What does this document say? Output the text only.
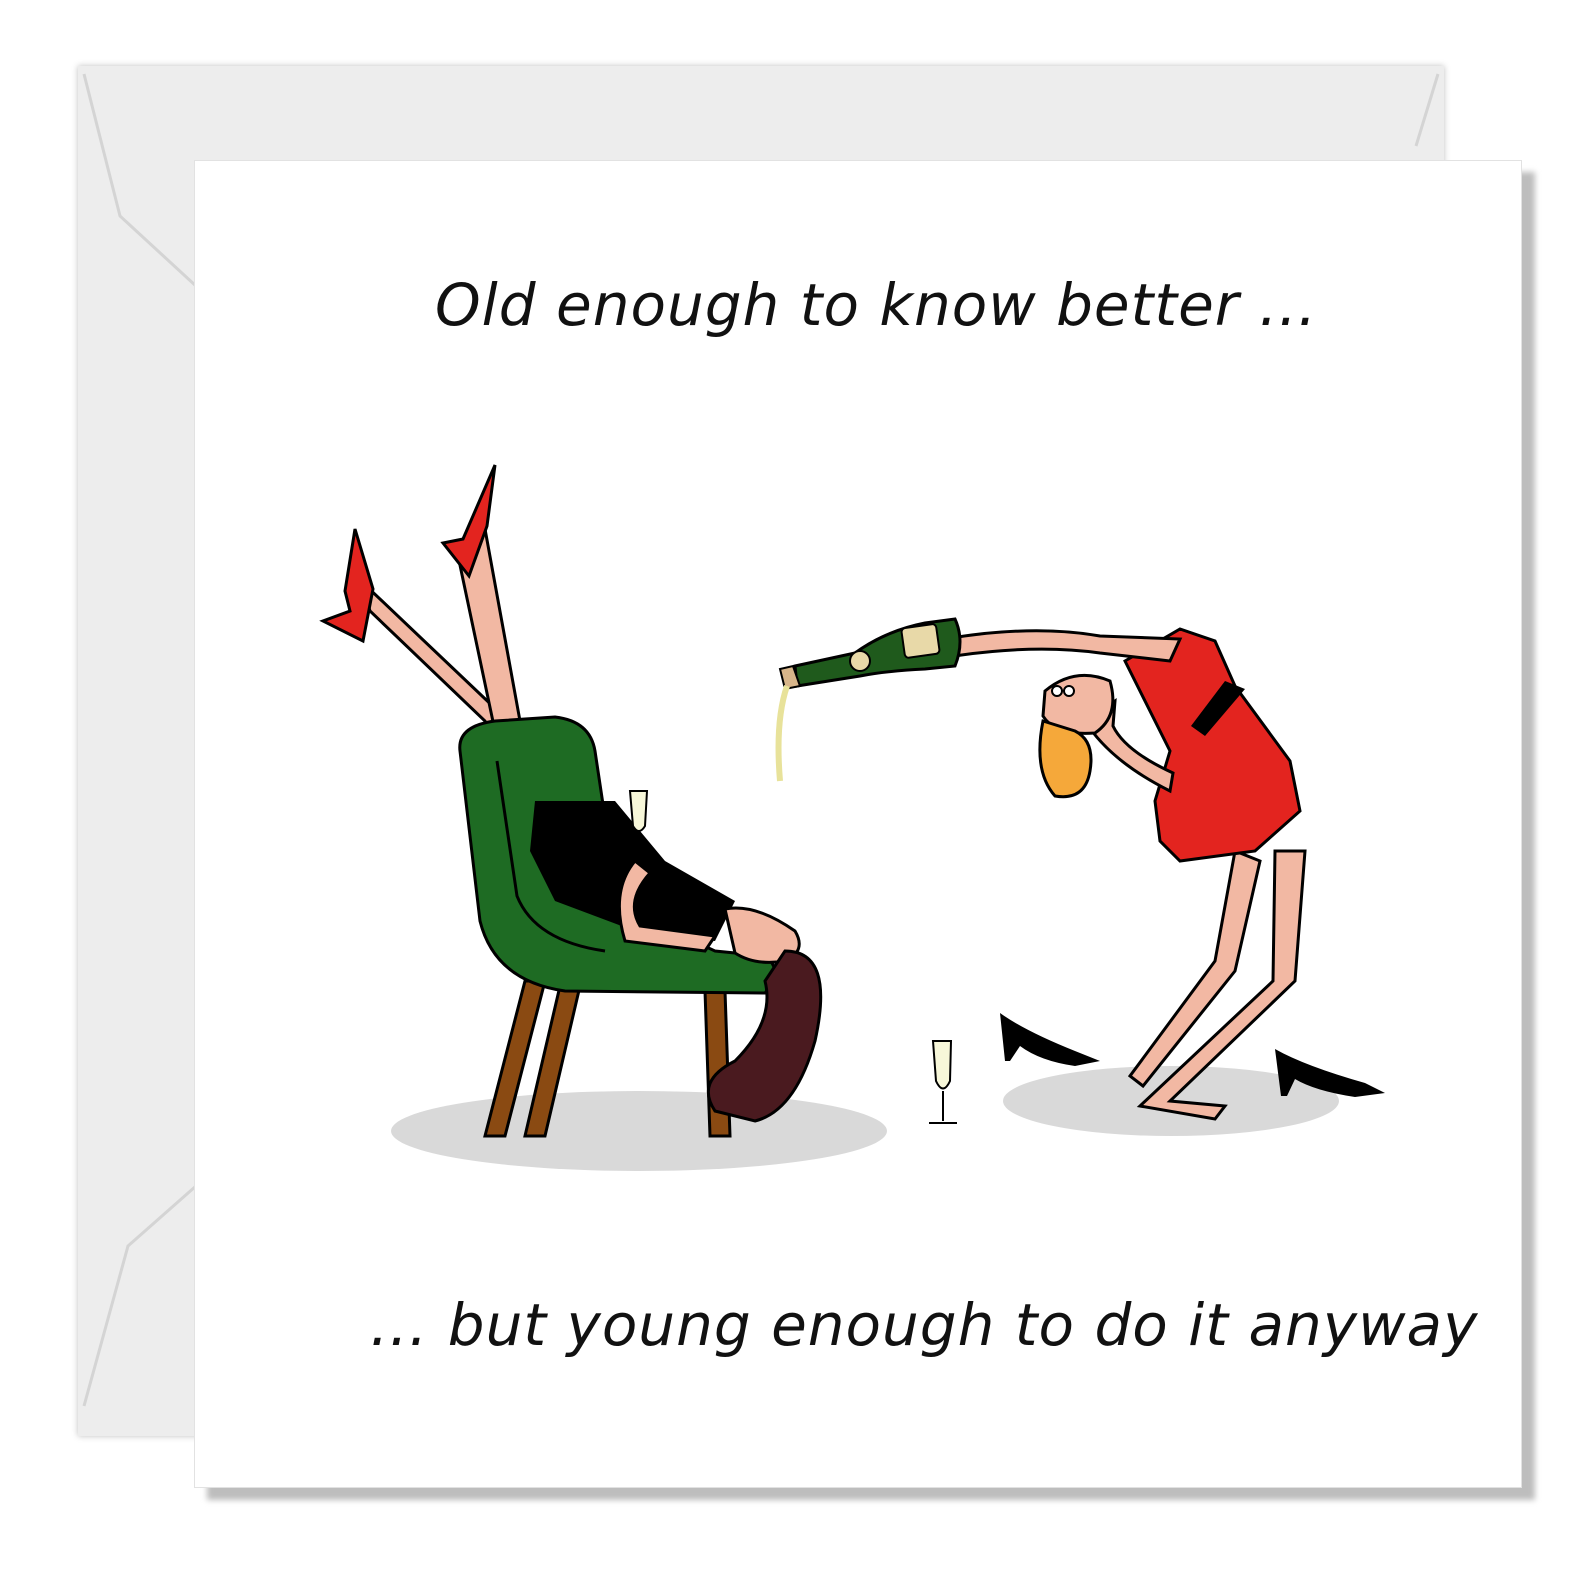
Old enough to know better ...
... but young enough to do it anyway
